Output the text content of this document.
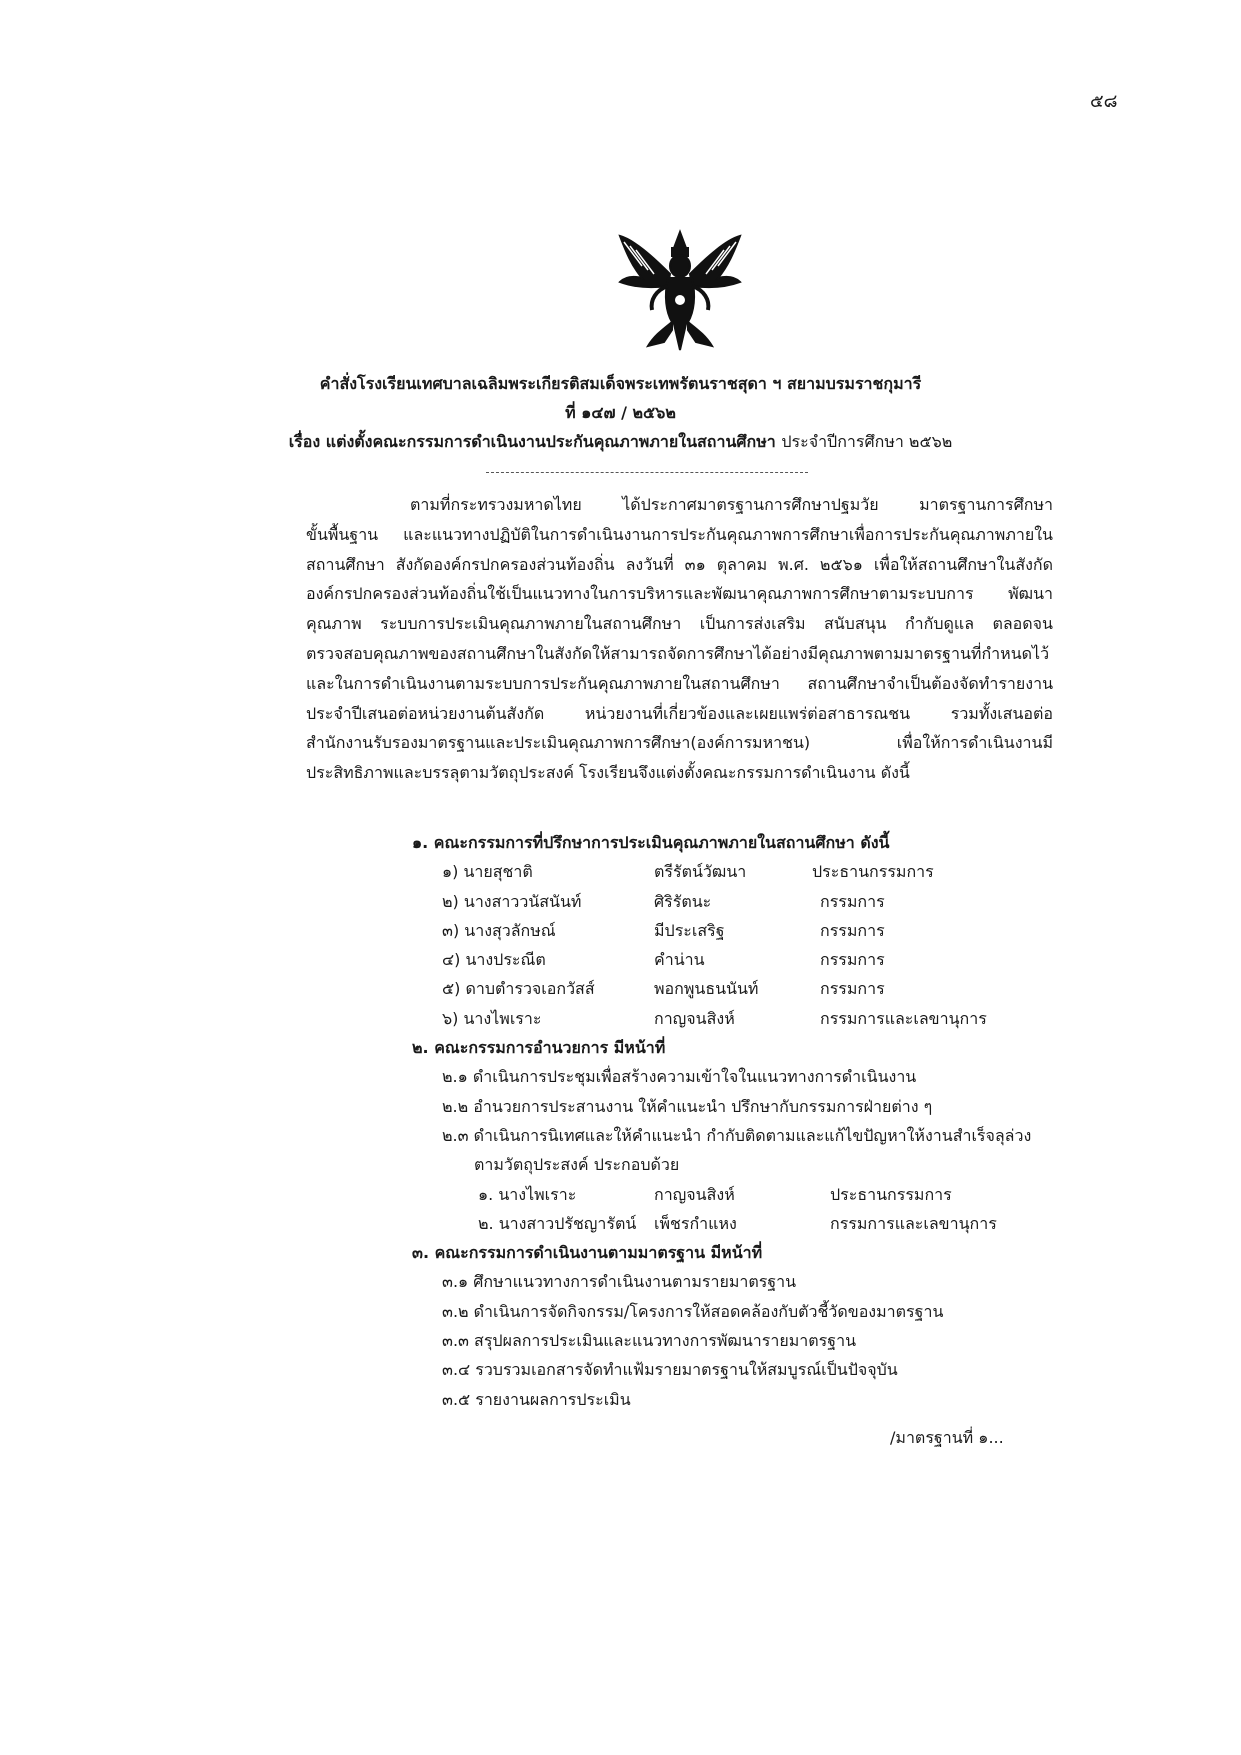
๕๘
คำสั่งโรงเรียนเทศบาลเฉลิมพระเกียรติสมเด็จพระเทพรัตนราชสุดา ฯ สยามบรมราชกุมารี
ที่ ๑๔๗ / ๒๕๖๒
เรื่อง แต่งตั้งคณะกรรมการดำเนินงานประกันคุณภาพภายในสถานศึกษา ประจำปีการศึกษา ๒๕๖๒
ตามที่กระทรวงมหาดไทย ได้ประกาศมาตรฐานการศึกษาปฐมวัย มาตรฐานการศึกษา
ขั้นพื้นฐาน และแนวทางปฏิบัติในการดำเนินงานการประกันคุณภาพการศึกษาเพื่อการประกันคุณภาพภายใน
สถานศึกษา สังกัดองค์กรปกครองส่วนท้องถิ่น ลงวันที่ ๓๑ ตุลาคม พ.ศ. ๒๕๖๑ เพื่อให้สถานศึกษาในสังกัด
องค์กรปกครองส่วนท้องถิ่นใช้เป็นแนวทางในการบริหารและพัฒนาคุณภาพการศึกษาตามระบบการ พัฒนา
คุณภาพ ระบบการประเมินคุณภาพภายในสถานศึกษา เป็นการส่งเสริม สนับสนุน กำกับดูแล ตลอดจน
ตรวจสอบคุณภาพของสถานศึกษาในสังกัดให้สามารถจัดการศึกษาได้อย่างมีคุณภาพตามมาตรฐานที่กำหนดไว้
และในการดำเนินงานตามระบบการประกันคุณภาพภายในสถานศึกษา สถานศึกษาจำเป็นต้องจัดทำรายงาน
ประจำปีเสนอต่อหน่วยงานต้นสังกัด หน่วยงานที่เกี่ยวข้องและเผยแพร่ต่อสาธารณชน รวมทั้งเสนอต่อ
สำนักงานรับรองมาตรฐานและประเมินคุณภาพการศึกษา(องค์การมหาชน) เพื่อให้การดำเนินงานมี
ประสิทธิภาพและบรรลุตามวัตถุประสงค์ โรงเรียนจึงแต่งตั้งคณะกรรมการดำเนินงาน ดังนี้
๑. คณะกรรมการที่ปรึกษาการประเมินคุณภาพภายในสถานศึกษา ดังนี้
๑) นายสุชาติ	ตรีรัตน์วัฒนา	ประธานกรรมการ
๒) นางสาววนัสนันท์	ศิริรัตนะ	กรรมการ
๓) นางสุวลักษณ์	มีประเสริฐ	กรรมการ
๔) นางประณีต	คำน่าน	กรรมการ
๕) ดาบตำรวจเอกวัสส์	พอกพูนธนนันท์	กรรมการ
๖) นางไพเราะ	กาญจนสิงห์	กรรมการและเลขานุการ
๒. คณะกรรมการอำนวยการ มีหน้าที่
๒.๑ ดำเนินการประชุมเพื่อสร้างความเข้าใจในแนวทางการดำเนินงาน
๒.๒ อำนวยการประสานงาน ให้คำแนะนำ ปรึกษากับกรรมการฝ่ายต่าง ๆ
๒.๓ ดำเนินการนิเทศและให้คำแนะนำ กำกับติดตามและแก้ไขปัญหาให้งานสำเร็จลุล่วง
ตามวัตถุประสงค์ ประกอบด้วย
๑. นางไพเราะ	กาญจนสิงห์	ประธานกรรมการ
๒. นางสาวปรัชญารัตน์ เพ็ชรกำแหง	กรรมการและเลขานุการ
๓. คณะกรรมการดำเนินงานตามมาตรฐาน มีหน้าที่
๓.๑ ศึกษาแนวทางการดำเนินงานตามรายมาตรฐาน
๓.๒ ดำเนินการจัดกิจกรรม/โครงการให้สอดคล้องกับตัวชี้วัดของมาตรฐาน
๓.๓ สรุปผลการประเมินและแนวทางการพัฒนารายมาตรฐาน
๓.๔ รวบรวมเอกสารจัดทำแฟ้มรายมาตรฐานให้สมบูรณ์เป็นปัจจุบัน
๓.๕ รายงานผลการประเมิน
/มาตรฐานที่ ๑...
